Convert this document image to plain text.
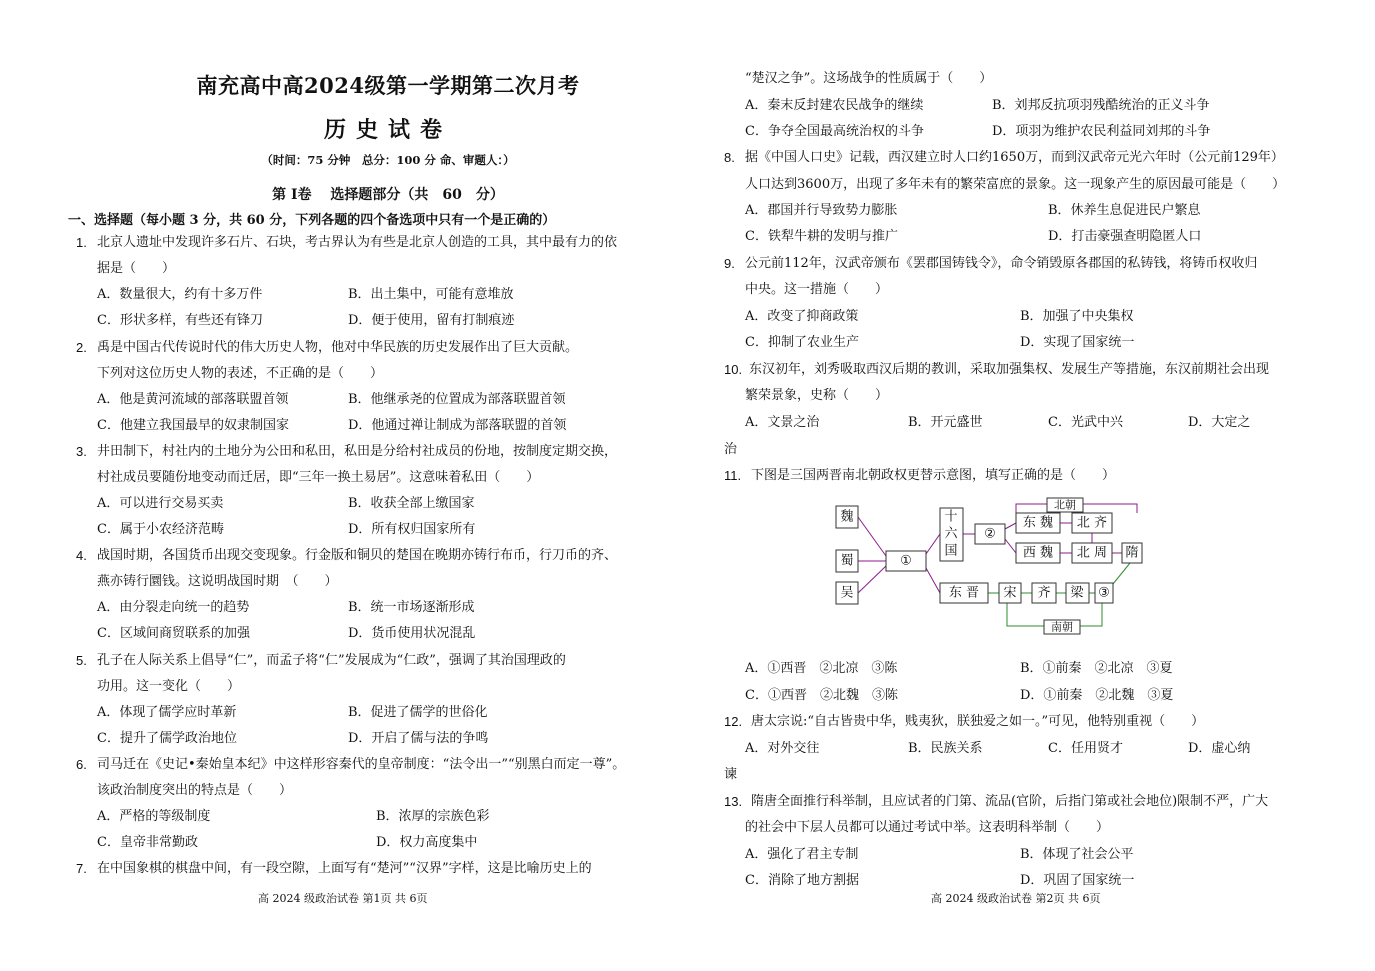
南充高中高2024级第一学期第二次月考
历史试卷
（时间：75 分钟　总分：100 分 命、审题人：）
第 Ⅰ卷　 选择题部分（共　60　分）
一、选择题（每小题 3 分，共 60 分，下列各题的四个备选项中只有一个是正确的）
1. 北京人遗址中发现许多石片、石块，考古界认为有些是北京人创造的工具，其中最有力的依
据是（　　）
A．数量很大，约有十多万件	B．出土集中，可能有意堆放
C．形状多样，有些还有锋刀	D．便于使用，留有打制痕迹
2. 禹是中国古代传说时代的伟大历史人物，他对中华民族的历史发展作出了巨大贡献。
下列对这位历史人物的表述，不正确的是（　　）
A．他是黄河流域的部落联盟首领	B．他继承尧的位置成为部落联盟首领
C．他建立我国最早的奴隶制国家	D．他通过禅让制成为部落联盟的首领
3. 井田制下，村社内的土地分为公田和私田，私田是分给村社成员的份地，按制度定期交换，
村社成员要随份地变动而迁居，即“三年一换土易居”。这意味着私田（　　）
A．可以进行交易买卖	B．收获全部上缴国家
C．属于小农经济范畴	D．所有权归国家所有
4. 战国时期，各国货币出现交变现象。行金版和铜贝的楚国在晚期亦铸行布币，行刀币的齐、
燕亦铸行圜钱。这说明战国时期　（　　）
A．由分裂走向统一的趋势	B．统一市场逐渐形成
C．区域间商贸联系的加强	D．货币使用状况混乱
5. 孔子在人际关系上倡导“仁”，而孟子将“仁”发展成为“仁政”，强调了其治国理政的
功用。这一变化（　　）
A．体现了儒学应时革新	B．促进了儒学的世俗化
C．提升了儒学政治地位	D．开启了儒与法的争鸣
6. 司马迁在《史记•秦始皇本纪》中这样形容秦代的皇帝制度：“法令出一”“别黑白而定一尊”。
该政治制度突出的特点是（　　）
A．严格的等级制度	B．浓厚的宗族色彩
C．皇帝非常勤政	D．权力高度集中
7. 在中国象棋的棋盘中间，有一段空隙，上面写有“楚河”“汉界”字样，这是比喻历史上的
高 2024 级政治试卷 第1页 共 6页
“楚汉之争”。这场战争的性质属于（　　）
A．秦末反封建农民战争的继续	B．刘邦反抗项羽残酷统治的正义斗争
C．争夺全国最高统治权的斗争	D．项羽为维护农民利益同刘邦的斗争
8. 据《中国人口史》记载，西汉建立时人口约1650万，而到汉武帝元光六年时（公元前129年）
人口达到3600万，出现了多年未有的繁荣富庶的景象。这一现象产生的原因最可能是（　　）
A．郡国并行导致势力膨胀	B．休养生息促进民户繁息
C．铁犁牛耕的发明与推广	D．打击豪强查明隐匿人口
9. 公元前112年，汉武帝颁布《罢郡国铸钱令》，命令销毁原各郡国的私铸钱，将铸币权收归
中央。这一措施（　　）
A．改变了抑商政策	B．加强了中央集权
C．抑制了农业生产	D．实现了国家统一
10. 东汉初年，刘秀吸取西汉后期的教训，采取加强集权、发展生产等措施，东汉前期社会出现
繁荣景象，史称（　　）
A．文景之治	B．开元盛世	C．光武中兴	D．大定之
治
11. 下图是三国两晋南北朝政权更替示意图，填写正确的是（　　）
A．①西晋　②北凉　③陈	B．①前秦　②北凉　③夏
C．①西晋　②北魏　③陈	D．①前秦　②北魏　③夏
12. 唐太宗说:“自古皆贵中华，贱夷狄，朕独爱之如一。”可见，他特别重视（　　）
A．对外交往	B．民族关系	C．任用贤才	D．虚心纳
谏
13. 隋唐全面推行科举制，且应试者的门第、流品(官阶，后指门第或社会地位)限制不严，广大
的社会中下层人员都可以通过考试中举。这表明科举制（　　）
A．强化了君主专制	B．体现了社会公平
C．消除了地方割据	D．巩固了国家统一
高 2024 级政治试卷 第2页 共 6页
魏
蜀
吴
①
十
六
国
②
东 魏
西 魏
北 齐
北 周 隋
东 晋 宋 齐 梁 ③
北朝
南朝
